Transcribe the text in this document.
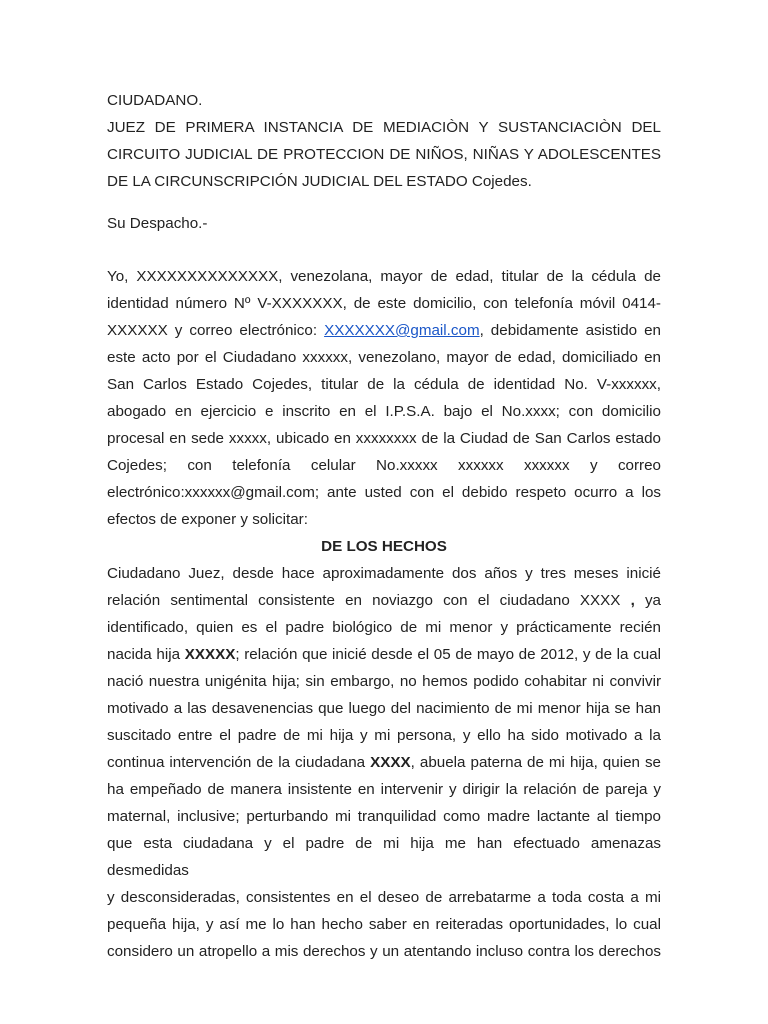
CIUDADANO.
JUEZ DE PRIMERA INSTANCIA DE MEDIACIÒN Y SUSTANCIACIÒN DEL
CIRCUITO JUDICIAL DE PROTECCION DE NIÑOS, NIÑAS Y ADOLESCENTES
DE LA CIRCUNSCRIPCIÓN JUDICIAL DEL ESTADO Cojedes.
Su Despacho.-
Yo, XXXXXXXXXXXXXX, venezolana, mayor de edad, titular de la cédula de
identidad número Nº V-XXXXXXX, de este domicilio, con telefonía móvil 0414-
XXXXXX y correo electrónico: XXXXXXX@gmail.com, debidamente asistido en
este acto por el Ciudadano xxxxxx, venezolano, mayor de edad, domiciliado en
San Carlos Estado Cojedes, titular de la cédula de identidad No. V-xxxxxx,
abogado en ejercicio e inscrito en el I.P.S.A. bajo el No.xxxx; con domicilio
procesal en sede xxxxx, ubicado en xxxxxxxx de la Ciudad de San Carlos estado
Cojedes; con telefonía celular No.xxxxx xxxxxx xxxxxx y correo
electrónico:xxxxxx@gmail.com; ante usted con el debido respeto ocurro a los
efectos de exponer y solicitar:
DE LOS HECHOS
Ciudadano Juez, desde hace aproximadamente dos años y tres meses inicié
relación sentimental consistente en noviazgo con el ciudadano XXXX , ya
identificado, quien es el padre biológico de mi menor y prácticamente recién
nacida hija XXXXX; relación que inicié desde el 05 de mayo de 2012, y de la cual
nació nuestra unigénita hija; sin embargo, no hemos podido cohabitar ni convivir
motivado a las desavenencias que luego del nacimiento de mi menor hija se han
suscitado entre el padre de mi hija y mi persona, y ello ha sido motivado a la
continua intervención de la ciudadana XXXX, abuela paterna de mi hija, quien se
ha empeñado de manera insistente en intervenir y dirigir la relación de pareja y
maternal, inclusive; perturbando mi tranquilidad como madre lactante al tiempo
que esta ciudadana y el padre de mi hija me han efectuado amenazas desmedidas
y desconsideradas, consistentes en el deseo de arrebatarme a toda costa a mi
pequeña hija, y así me lo han hecho saber en reiteradas oportunidades, lo cual
considero un atropello a mis derechos y un atentando incluso contra los derechos
